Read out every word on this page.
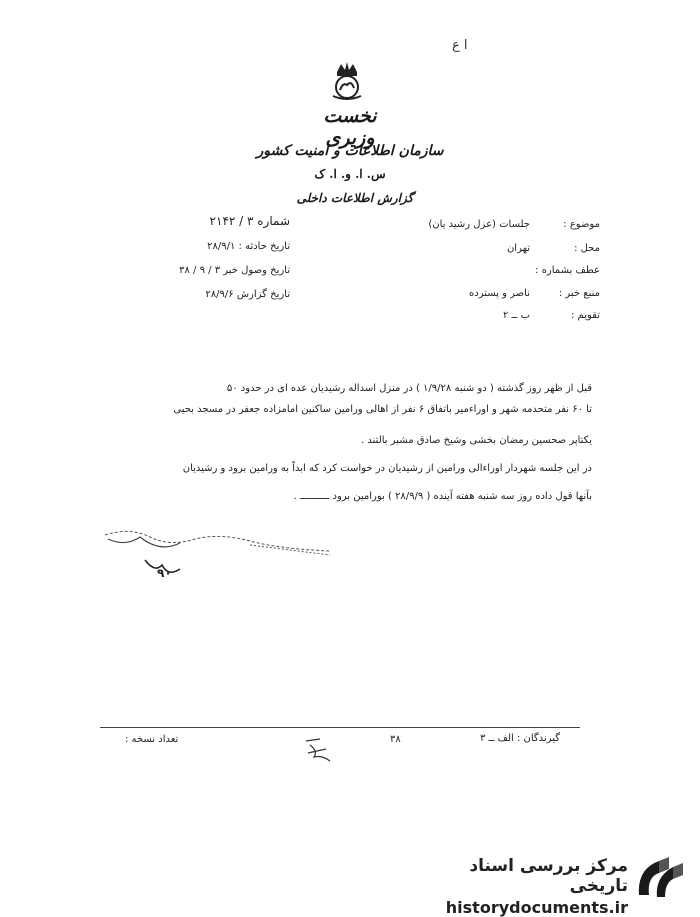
ا ع
نخست وزیری
سازمان اطلاعات و امنیت کشور
س. ا. و. ا. ک
گزارش اطلاعات داخلی
موضوع :
جلسات (عزل رشید یان)
محل :
تهران
عطف بشماره :
منبع خبر :
ناصر و پسترده
تقویم :
ب ــ ۲
شماره ۳ / ۲۱۴۲
تاریخ حادثه : ۲۸/۹/۱
تاریخ وصول خبر ۳ / ۹ / ۳۸
تاریخ گزارش ۲۸/۹/۶
قبل از ظهر روز گذشته ( دو شنبه ۱/۹/۲۸ ) در منزل اسداله رشیدیان عده ای در حدود ۵۰
تا ۶۰ نفر متحدمه شهر و اوراءمیر باتفاق ۶ نفر از اهالی ورامین ساکنین امامزاده جعفر در مسجد بحیی
یکتاپر صحسین رمضان بخشی وشیخ صادق مشبر بالتند .
در این جلسه شهردار اوراءالی ورامین از رشیدیان در خواست کرد که ابداً به ورامین برود و رشیدیان
بآنها قول داده روز سه شنبه هفته آینده ( ۲۸/۹/۹ ) بورامین برود ــــــــــ .
۹۰
گیرندگان : الف ــ ۳
۳۸
تعداد نسخه :
مرکز بررسی اسناد تاریخی
historydocuments.ir
